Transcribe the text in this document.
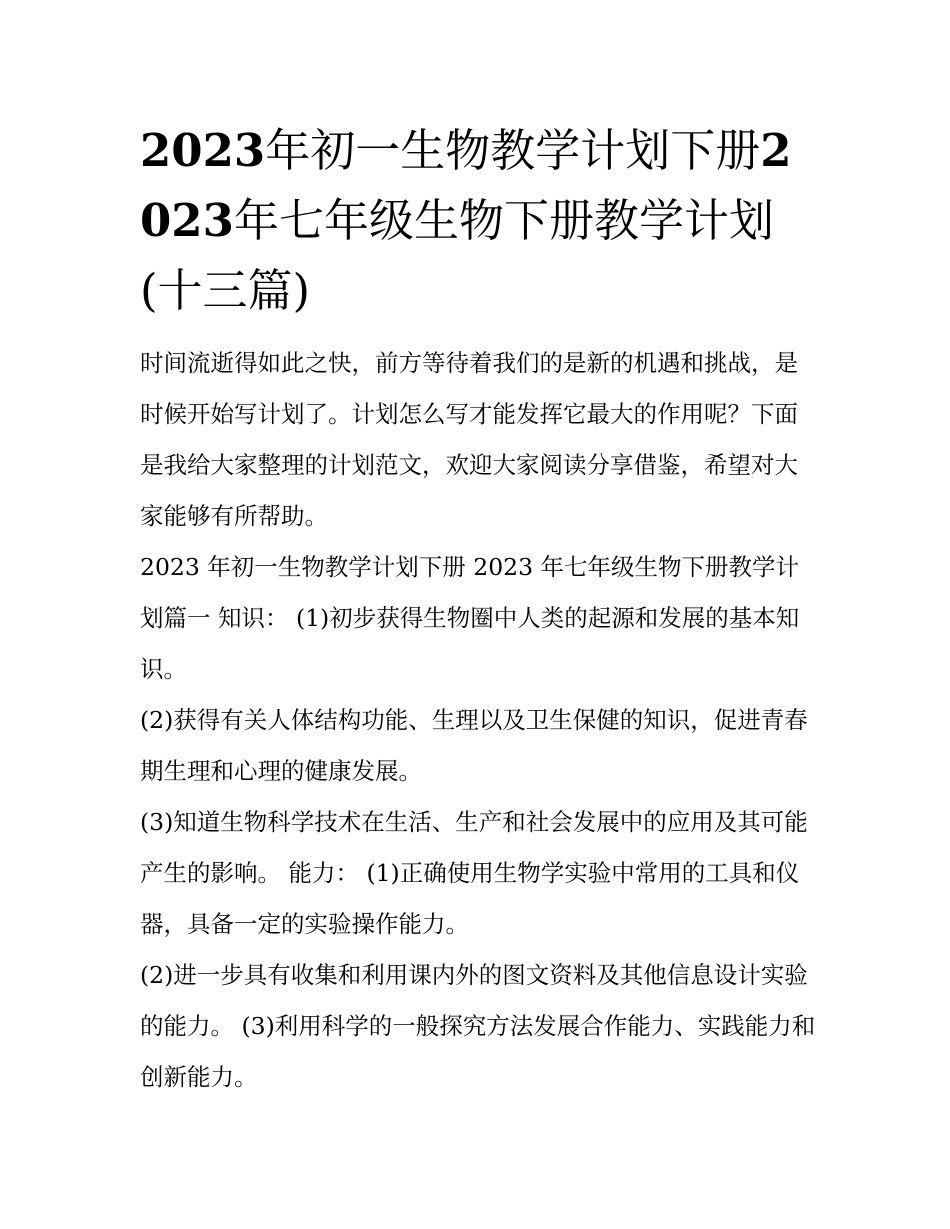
2023年初一生物教学计划下册2023年七年级生物下册教学计划(十三篇)

时间流逝得如此之快，前方等待着我们的是新的机遇和挑战，是时候开始写计划了。计划怎么写才能发挥它最大的作用呢？下面是我给大家整理的计划范文，欢迎大家阅读分享借鉴，希望对大家能够有所帮助。

2023 年初一生物教学计划下册 2023 年七年级生物下册教学计划篇一 知识： (1)初步获得生物圈中人类的起源和发展的基本知识。

(2)获得有关人体结构功能、生理以及卫生保健的知识，促进青春期生理和心理的健康发展。

(3)知道生物科学技术在生活、生产和社会发展中的应用及其可能产生的影响。 能力： (1)正确使用生物学实验中常用的工具和仪器，具备一定的实验操作能力。

(2)进一步具有收集和利用课内外的图文资料及其他信息设计实验的能力。 (3)利用科学的一般探究方法发展合作能力、实践能力和创新能力。
